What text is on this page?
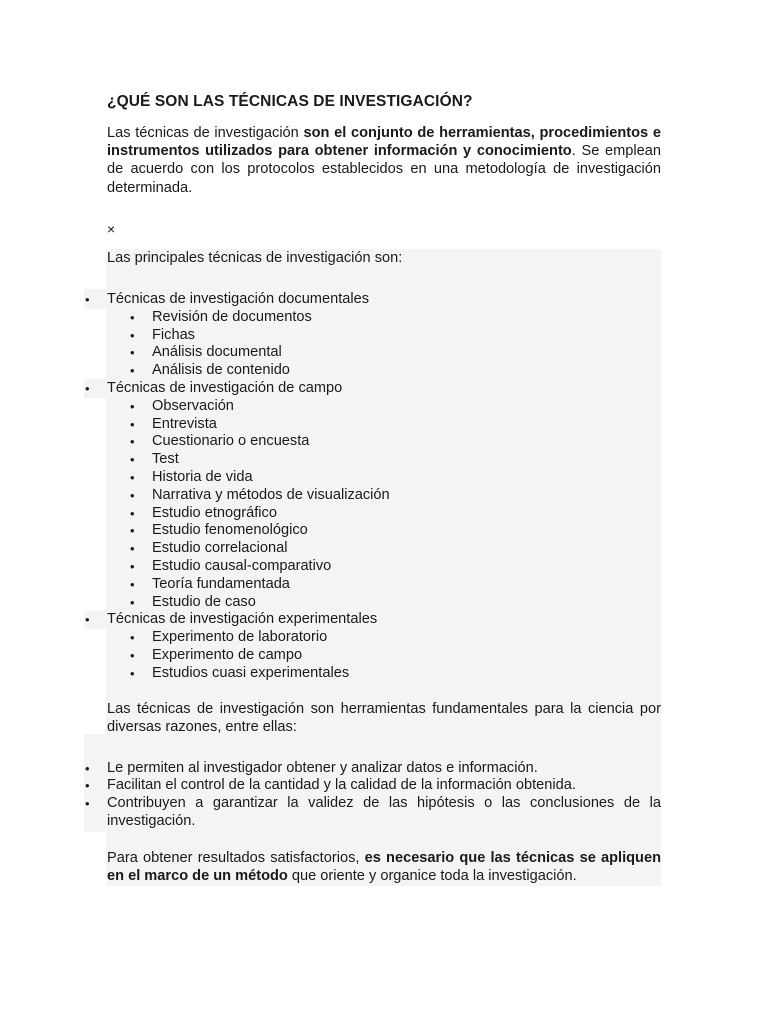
¿QUÉ SON LAS TÉCNICAS DE INVESTIGACIÓN?

Las técnicas de investigación son el conjunto de herramientas, procedimientos e instrumentos utilizados para obtener información y conocimiento. Se emplean de acuerdo con los protocolos establecidos en una metodología de investigación determinada.

×

Las principales técnicas de investigación son:

• Técnicas de investigación documentales
• Revisión de documentos
• Fichas
• Análisis documental
• Análisis de contenido
• Técnicas de investigación de campo
• Observación
• Entrevista
• Cuestionario o encuesta
• Test
• Historia de vida
• Narrativa y métodos de visualización
• Estudio etnográfico
• Estudio fenomenológico
• Estudio correlacional
• Estudio causal-comparativo
• Teoría fundamentada
• Estudio de caso
• Técnicas de investigación experimentales
• Experimento de laboratorio
• Experimento de campo
• Estudios cuasi experimentales

Las técnicas de investigación son herramientas fundamentales para la ciencia por diversas razones, entre ellas:

• Le permiten al investigador obtener y analizar datos e información.
• Facilitan el control de la cantidad y la calidad de la información obtenida.
• Contribuyen a garantizar la validez de las hipótesis o las conclusiones de la investigación.

Para obtener resultados satisfactorios, es necesario que las técnicas se apliquen en el marco de un método que oriente y organice toda la investigación.
